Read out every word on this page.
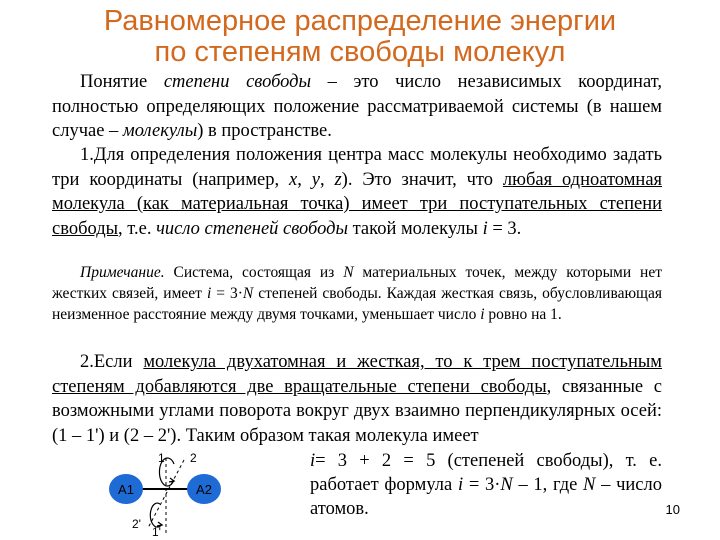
Равномерное распределение энергии
по степеням свободы молекул

Понятие степени свободы – это число независимых координат, полностью определяющих положение рассматриваемой системы (в нашем случае – молекулы) в пространстве.

1.Для определения положения центра масс молекулы необходимо задать три координаты (например, x, y, z). Это значит, что любая одноатомная молекула (как материальная точка) имеет три поступательных степени свободы, т.е. число степеней свободы такой молекулы i = 3.

Примечание. Система, состоящая из N материальных точек, между которыми нет жестких связей, имеет i = 3·N степеней свободы. Каждая жесткая связь, обусловливающая неизменное расстояние между двумя точками, уменьшает число i ровно на 1.

2.Если молекула двухатомная и жесткая, то к трем поступательным степеням добавляются две вращательные степени свободы, связанные с возможными углами поворота вокруг двух взаимно перпендикулярных осей: (1 – 1') и (2 – 2'). Таким образом такая молекула имеет

i= 3 + 2 = 5 (степеней свободы), т. е. работает формула i = 3·N – 1, где N – число атомов.

A1	A2
1 2
2'
1'
10
